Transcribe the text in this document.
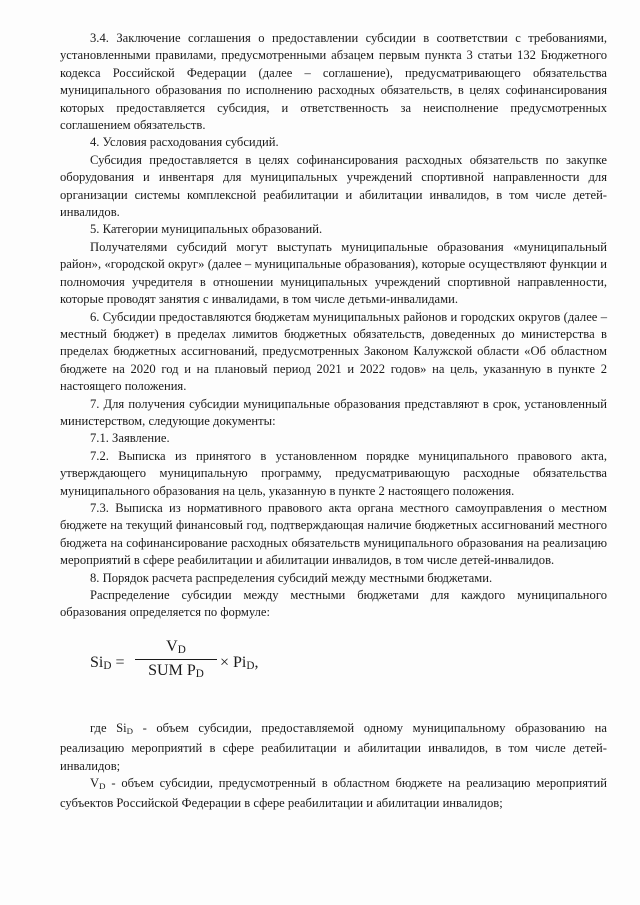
3.4. Заключение соглашения о предоставлении субсидии в соответствии с требованиями, установленными правилами, предусмотренными абзацем первым пункта 3 статьи 132 Бюджетного кодекса Российской Федерации (далее – соглашение), предусматривающего обязательства муниципального образования по исполнению расходных обязательств, в целях софинансирования которых предоставляется субсидия, и ответственность за неисполнение предусмотренных соглашением обязательств.

4. Условия расходования субсидий.

Субсидия предоставляется в целях софинансирования расходных обязательств по закупке оборудования и инвентаря для муниципальных учреждений спортивной направленности для организации системы комплексной реабилитации и абилитации инвалидов, в том числе детей-инвалидов.

5. Категории муниципальных образований.

Получателями субсидий могут выступать муниципальные образования «муниципальный район», «городской округ» (далее – муниципальные образования), которые осуществляют функции и полномочия учредителя в отношении муниципальных учреждений спортивной направленности, которые проводят занятия с инвалидами, в том числе детьми-инвалидами.

6. Субсидии предоставляются бюджетам муниципальных районов и городских округов (далее – местный бюджет) в пределах лимитов бюджетных обязательств, доведенных до министерства в пределах бюджетных ассигнований, предусмотренных Законом Калужской области «Об областном бюджете на 2020 год и на плановый период 2021 и 2022 годов» на цель, указанную в пункте 2 настоящего положения.

7. Для получения субсидии муниципальные образования представляют в срок, установленный министерством, следующие документы:

7.1. Заявление.

7.2. Выписка из принятого в установленном порядке муниципального правового акта, утверждающего муниципальную программу, предусматривающую расходные обязательства муниципального образования на цель, указанную в пункте 2 настоящего положения.

7.3. Выписка из нормативного правового акта органа местного самоуправления о местном бюджете на текущий финансовый год, подтверждающая наличие бюджетных ассигнований местного бюджета на софинансирование расходных обязательств муниципального образования на реализацию мероприятий в сфере реабилитации и абилитации инвалидов, в том числе детей-инвалидов.

8. Порядок расчета распределения субсидий между местными бюджетами.

Распределение субсидии между местными бюджетами для каждого муниципального образования определяется по формуле:

$Si_D$ =
$V_D$
SUM $P_D$
× $Pi_D$,

где $Si_D$ - объем субсидии, предоставляемой одному муниципальному образованию на реализацию мероприятий в сфере реабилитации и абилитации инвалидов, в том числе детей-инвалидов;

$V_D$ - объем субсидии, предусмотренный в областном бюджете на реализацию мероприятий субъектов Российской Федерации в сфере реабилитации и абилитации инвалидов;
